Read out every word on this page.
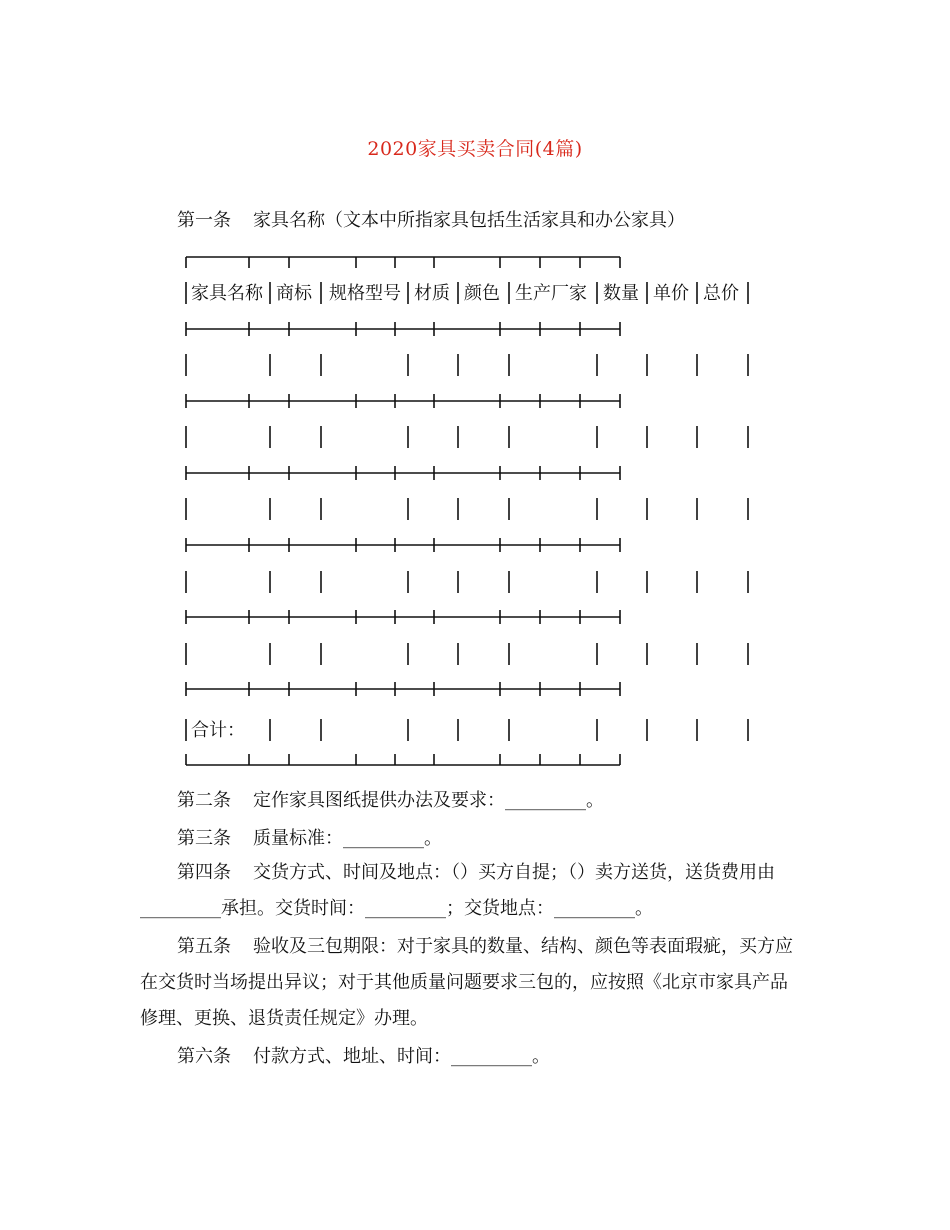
2020家具买卖合同(4篇)
第一条 家具名称（文本中所指家具包括生活家具和办公家具）
家具名称 商标 规格型号 材质 颜色 生产厂家 数量 单价 总价
合计：
第二条 定作家具图纸提供办法及要求：_________。
第三条 质量标准：_________。
第四条 交货方式、时间及地点：（）买方自提；（）卖方送货，送货费用由
_________承担。交货时间：_________；交货地点：_________。
第五条 验收及三包期限：对于家具的数量、结构、颜色等表面瑕疵，买方应
在交货时当场提出异议；对于其他质量问题要求三包的，应按照《北京市家具产品
修理、更换、退货责任规定》办理。
第六条 付款方式、地址、时间：_________。
